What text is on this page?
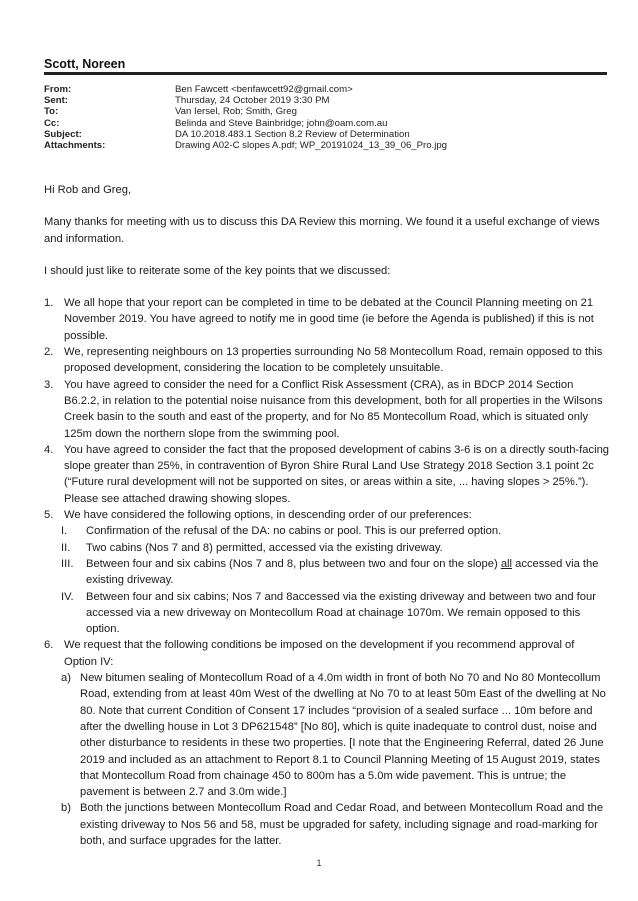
Scott, Noreen
From:	Ben Fawcett <benfawcett92@gmail.com>
Sent:	Thursday, 24 October 2019 3:30 PM
To:	Van Iersel, Rob; Smith, Greg
Cc:	Belinda and Steve Bainbridge; john@oam.com.au
Subject:	DA 10.2018.483.1 Section 8.2 Review of Determination
Attachments:	Drawing A02-C slopes A.pdf; WP_20191024_13_39_06_Pro.jpg

Hi Rob and Greg,

Many thanks for meeting with us to discuss this DA Review this morning. We found it a useful exchange of views and information.

I should just like to reiterate some of the key points that we discussed:

1. We all hope that your report can be completed in time to be debated at the Council Planning meeting on 21 November 2019. You have agreed to notify me in good time (ie before the Agenda is published) if this is not possible.
2. We, representing neighbours on 13 properties surrounding No 58 Montecollum Road, remain opposed to this proposed development, considering the location to be completely unsuitable.
3. You have agreed to consider the need for a Conflict Risk Assessment (CRA), as in BDCP 2014 Section B6.2.2, in relation to the potential noise nuisance from this development, both for all properties in the Wilsons Creek basin to the south and east of the property, and for No 85 Montecollum Road, which is situated only 125m down the northern slope from the swimming pool.
4. You have agreed to consider the fact that the proposed development of cabins 3-6 is on a directly south-facing slope greater than 25%, in contravention of Byron Shire Rural Land Use Strategy 2018 Section 3.1 point 2c (“Future rural development will not be supported on sites, or areas within a site, ... having slopes > 25%.”). Please see attached drawing showing slopes.
5. We have considered the following options, in descending order of our preferences:
I. Confirmation of the refusal of the DA: no cabins or pool. This is our preferred option.
II. Two cabins (Nos 7 and 8) permitted, accessed via the existing driveway.
III. Between four and six cabins (Nos 7 and 8, plus between two and four on the slope) all accessed via the existing driveway.
IV. Between four and six cabins; Nos 7 and 8accessed via the existing driveway and between two and four accessed via a new driveway on Montecollum Road at chainage 1070m. We remain opposed to this option.
6. We request that the following conditions be imposed on the development if you recommend approval of Option IV:
a) New bitumen sealing of Montecollum Road of a 4.0m width in front of both No 70 and No 80 Montecollum Road, extending from at least 40m West of the dwelling at No 70 to at least 50m East of the dwelling at No 80. Note that current Condition of Consent 17 includes “provision of a sealed surface ... 10m before and after the dwelling house in Lot 3 DP621548” [No 80], which is quite inadequate to control dust, noise and other disturbance to residents in these two properties. [I note that the Engineering Referral, dated 26 June 2019 and included as an attachment to Report 8.1 to Council Planning Meeting of 15 August 2019, states that Montecollum Road from chainage 450 to 800m has a 5.0m wide pavement. This is untrue; the pavement is between 2.7 and 3.0m wide.]
b) Both the junctions between Montecollum Road and Cedar Road, and between Montecollum Road and the existing driveway to Nos 56 and 58, must be upgraded for safety, including signage and road-marking for both, and surface upgrades for the latter.
1
